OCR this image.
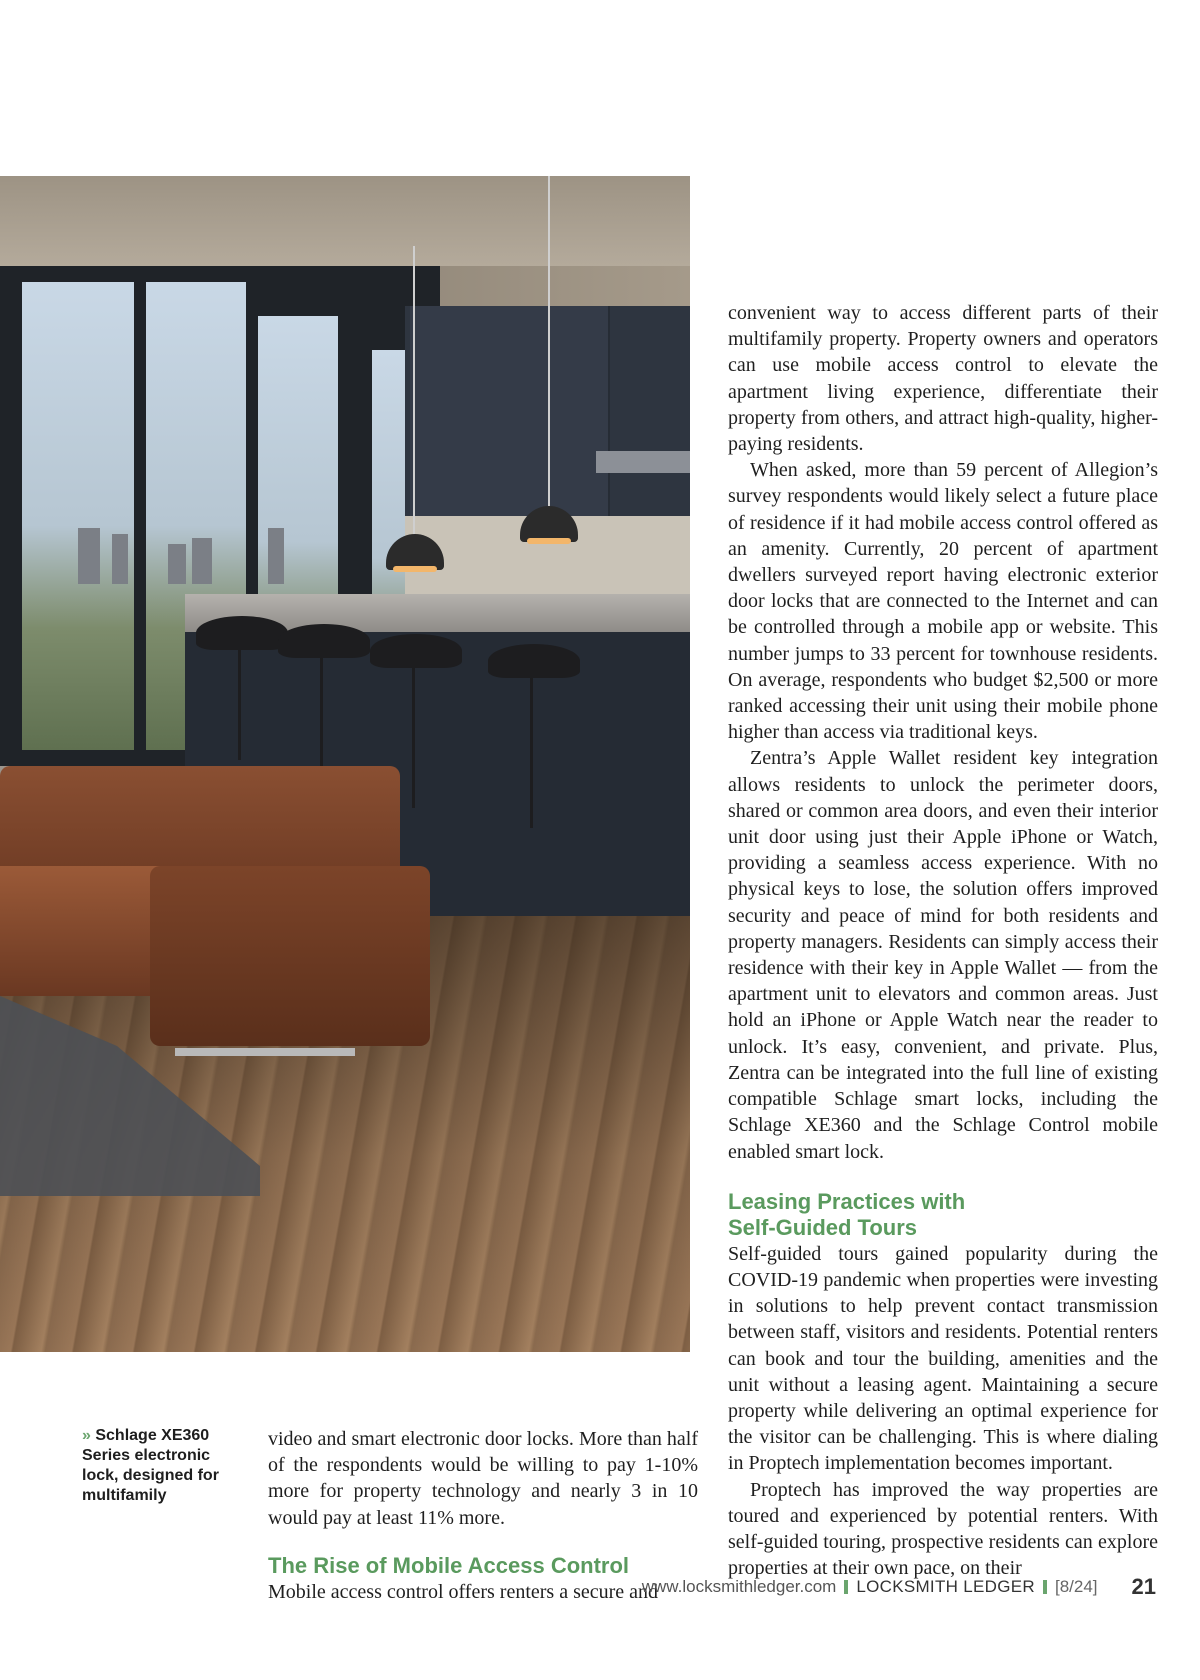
» Schlage XE360 Series electronic lock, designed for multifamily

video and smart electronic door locks. More than half of the respondents would be willing to pay 1-10% more for property technology and nearly 3 in 10 would pay at least 11% more.

The Rise of Mobile Access Control

Mobile access control offers renters a secure and

convenient way to access different parts of their multifamily property. Property owners and operators can use mobile access control to elevate the apartment living experience, differentiate their property from others, and attract high-quality, higher-paying residents.

When asked, more than 59 percent of Allegion’s survey respondents would likely select a future place of residence if it had mobile access control offered as an amenity. Currently, 20 percent of apartment dwellers surveyed report having electronic exterior door locks that are connected to the Internet and can be controlled through a mobile app or website. This number jumps to 33 percent for townhouse residents. On average, respondents who budget $2,500 or more ranked accessing their unit using their mobile phone higher than access via traditional keys.

Zentra’s Apple Wallet resident key integration allows residents to unlock the perimeter doors, shared or common area doors, and even their interior unit door using just their Apple iPhone or Watch, providing a seamless access experience. With no physical keys to lose, the solution offers improved security and peace of mind for both residents and property managers. Residents can simply access their residence with their key in Apple Wallet — from the apartment unit to elevators and common areas. Just hold an iPhone or Apple Watch near the reader to unlock. It’s easy, convenient, and private. Plus, Zentra can be integrated into the full line of existing compatible Schlage smart locks, including the Schlage XE360 and the Schlage Control mobile enabled smart lock.

Leasing Practices with
Self-Guided Tours

Self-guided tours gained popularity during the COVID-19 pandemic when properties were investing in solutions to help prevent contact transmission between staff, visitors and residents. Potential renters can book and tour the building, amenities and the unit without a leasing agent. Maintaining a secure property while delivering an optimal experience for the visitor can be challenging. This is where dialing in Proptech implementation becomes important.

Proptech has improved the way properties are toured and experienced by potential renters. With self-guided touring, prospective residents can explore properties at their own pace, on their

www.locksmithledger.com LOCKSMITH LEDGER [8/24] 21
